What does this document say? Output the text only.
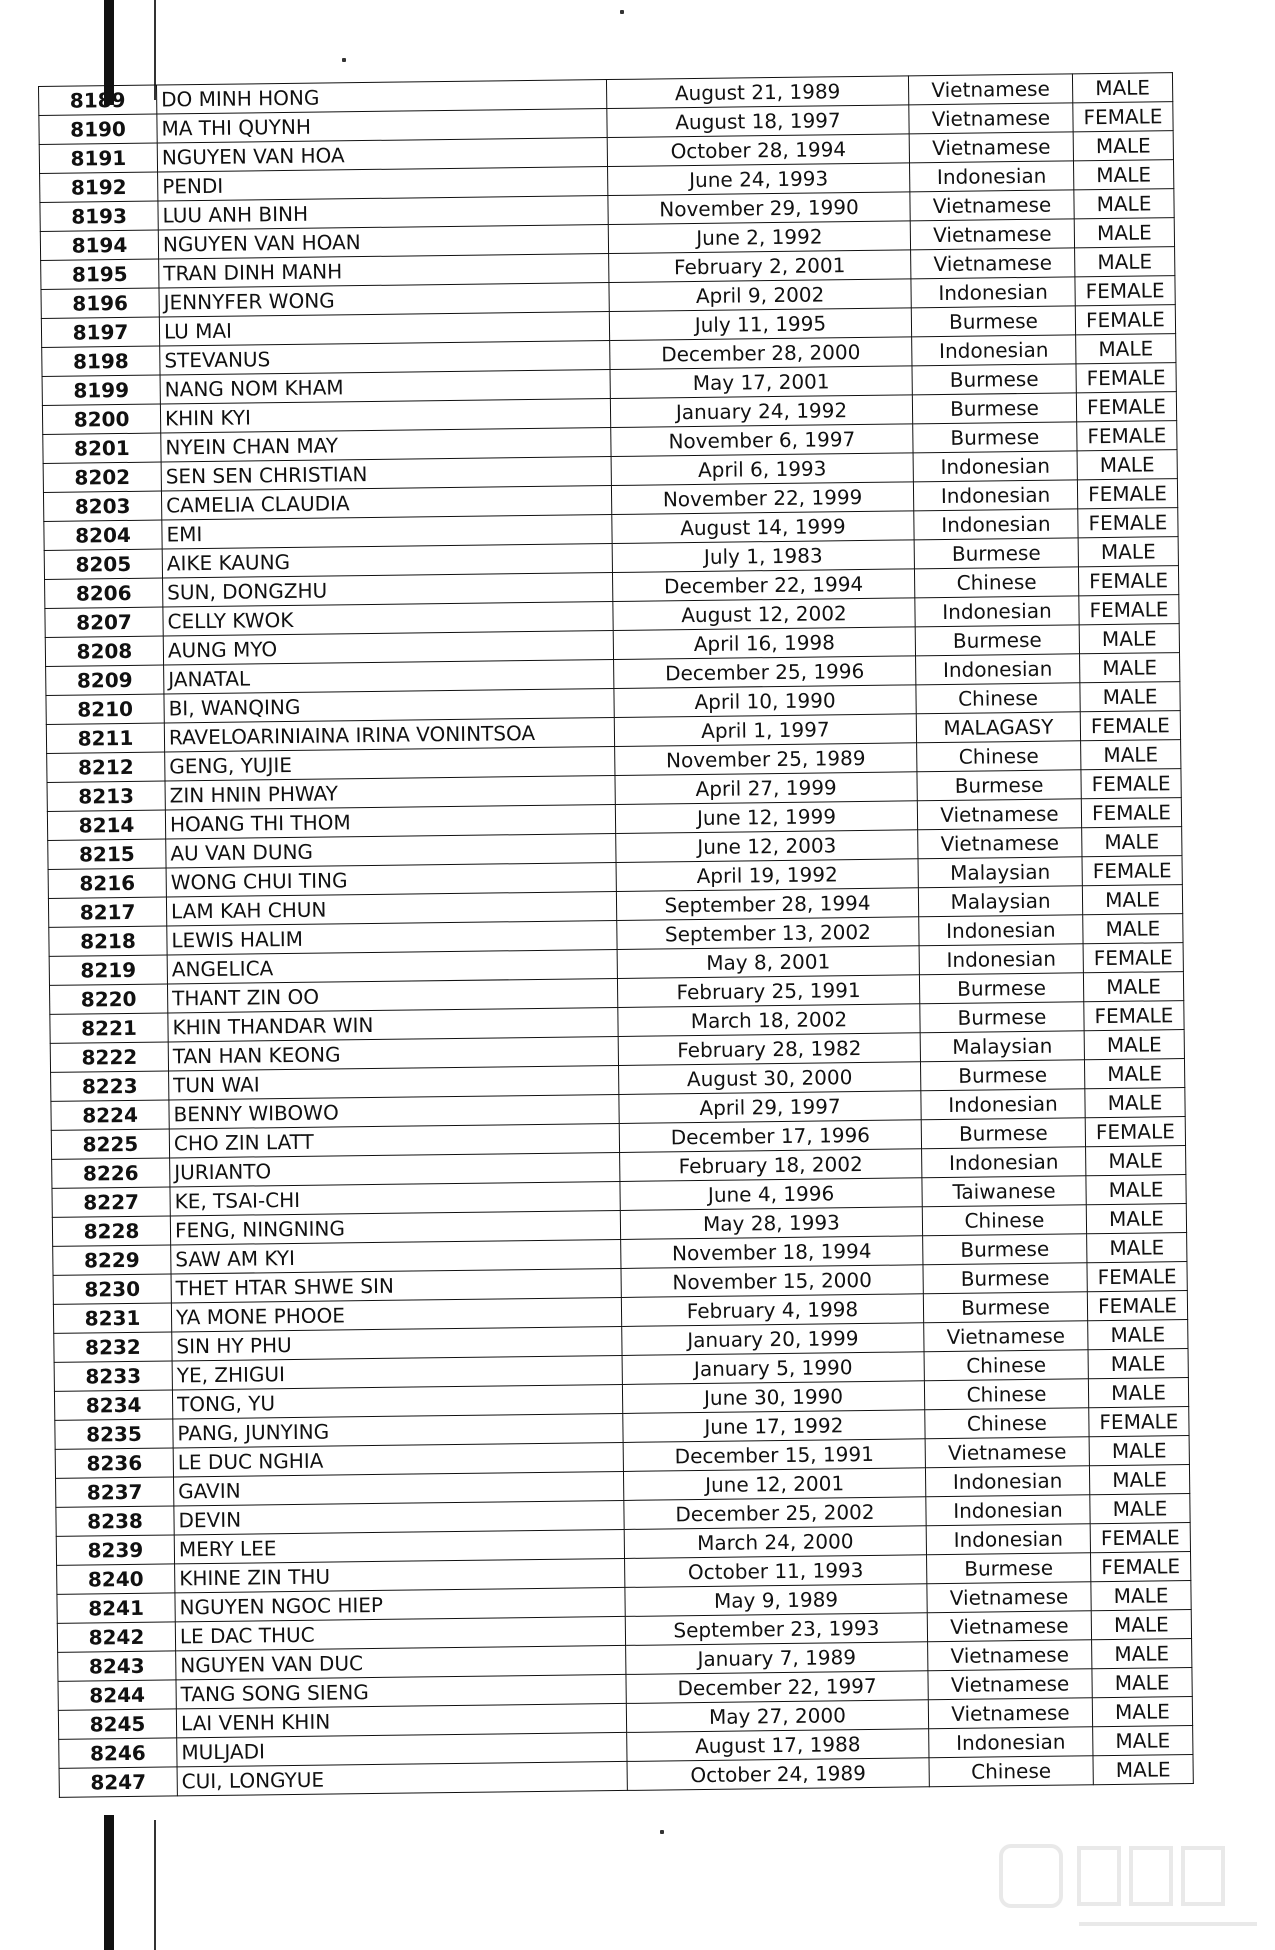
8189	DO MINH HONG	August 21, 1989	Vietnamese	MALE
8190	MA THI QUYNH	August 18, 1997	Vietnamese	FEMALE
8191	NGUYEN VAN HOA	October 28, 1994	Vietnamese	MALE
8192	PENDI	June 24, 1993	Indonesian	MALE
8193	LUU ANH BINH	November 29, 1990	Vietnamese	MALE
8194	NGUYEN VAN HOAN	June 2, 1992	Vietnamese	MALE
8195	TRAN DINH MANH	February 2, 2001	Vietnamese	MALE
8196	JENNYFER WONG	April 9, 2002	Indonesian	FEMALE
8197	LU MAI	July 11, 1995	Burmese	FEMALE
8198	STEVANUS	December 28, 2000	Indonesian	MALE
8199	NANG NOM KHAM	May 17, 2001	Burmese	FEMALE
8200	KHIN KYI	January 24, 1992	Burmese	FEMALE
8201	NYEIN CHAN MAY	November 6, 1997	Burmese	FEMALE
8202	SEN SEN CHRISTIAN	April 6, 1993	Indonesian	MALE
8203	CAMELIA CLAUDIA	November 22, 1999	Indonesian	FEMALE
8204	EMI	August 14, 1999	Indonesian	FEMALE
8205	AIKE KAUNG	July 1, 1983	Burmese	MALE
8206	SUN, DONGZHU	December 22, 1994	Chinese	FEMALE
8207	CELLY KWOK	August 12, 2002	Indonesian	FEMALE
8208	AUNG MYO	April 16, 1998	Burmese	MALE
8209	JANATAL	December 25, 1996	Indonesian	MALE
8210	BI, WANQING	April 10, 1990	Chinese	MALE
8211	RAVELOARINIAINA IRINA VONINTSOA	April 1, 1997	MALAGASY	FEMALE
8212	GENG, YUJIE	November 25, 1989	Chinese	MALE
8213	ZIN HNIN PHWAY	April 27, 1999	Burmese	FEMALE
8214	HOANG THI THOM	June 12, 1999	Vietnamese	FEMALE
8215	AU VAN DUNG	June 12, 2003	Vietnamese	MALE
8216	WONG CHUI TING	April 19, 1992	Malaysian	FEMALE
8217	LAM KAH CHUN	September 28, 1994	Malaysian	MALE
8218	LEWIS HALIM	September 13, 2002	Indonesian	MALE
8219	ANGELICA	May 8, 2001	Indonesian	FEMALE
8220	THANT ZIN OO	February 25, 1991	Burmese	MALE
8221	KHIN THANDAR WIN	March 18, 2002	Burmese	FEMALE
8222	TAN HAN KEONG	February 28, 1982	Malaysian	MALE
8223	TUN WAI	August 30, 2000	Burmese	MALE
8224	BENNY WIBOWO	April 29, 1997	Indonesian	MALE
8225	CHO ZIN LATT	December 17, 1996	Burmese	FEMALE
8226	JURIANTO	February 18, 2002	Indonesian	MALE
8227	KE, TSAI-CHI	June 4, 1996	Taiwanese	MALE
8228	FENG, NINGNING	May 28, 1993	Chinese	MALE
8229	SAW AM KYI	November 18, 1994	Burmese	MALE
8230	THET HTAR SHWE SIN	November 15, 2000	Burmese	FEMALE
8231	YA MONE PHOOE	February 4, 1998	Burmese	FEMALE
8232	SIN HY PHU	January 20, 1999	Vietnamese	MALE
8233	YE, ZHIGUI	January 5, 1990	Chinese	MALE
8234	TONG, YU	June 30, 1990	Chinese	MALE
8235	PANG, JUNYING	June 17, 1992	Chinese	FEMALE
8236	LE DUC NGHIA	December 15, 1991	Vietnamese	MALE
8237	GAVIN	June 12, 2001	Indonesian	MALE
8238	DEVIN	December 25, 2002	Indonesian	MALE
8239	MERY LEE	March 24, 2000	Indonesian	FEMALE
8240	KHINE ZIN THU	October 11, 1993	Burmese	FEMALE
8241	NGUYEN NGOC HIEP	May 9, 1989	Vietnamese	MALE
8242	LE DAC THUC	September 23, 1993	Vietnamese	MALE
8243	NGUYEN VAN DUC	January 7, 1989	Vietnamese	MALE
8244	TANG SONG SIENG	December 22, 1997	Vietnamese	MALE
8245	LAI VENH KHIN	May 27, 2000	Vietnamese	MALE
8246	MULJADI	August 17, 1988	Indonesian	MALE
8247	CUI, LONGYUE	October 24, 1989	Chinese	MALE
